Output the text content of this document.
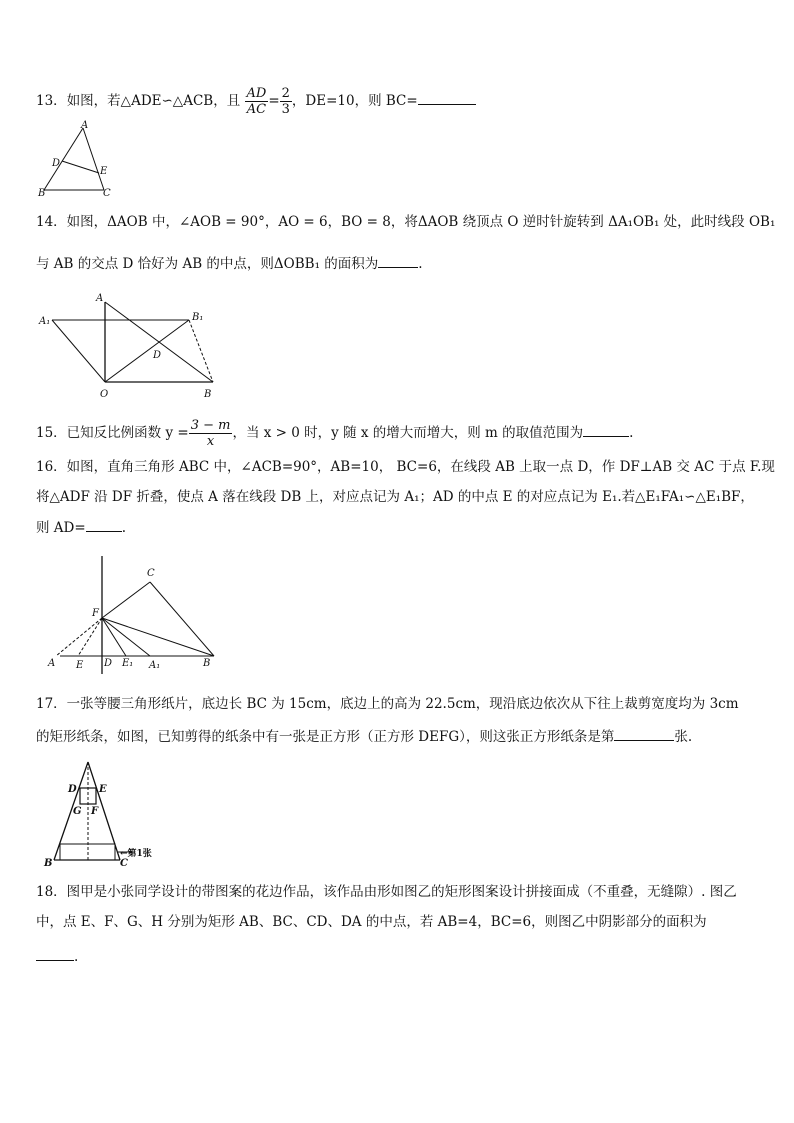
13．如图，若△ADE∽△ACB，且 $\frac{AD}{AC} = \frac{2}{3}$ ，DE=10，则 BC=
A
D
E
B	C
14．如图，ΔAOB 中，∠AOB = 90°，AO = 6，BO = 8，将ΔAOB 绕顶点 O 逆时针旋转到 ΔA₁OB₁ 处，此时线段 OB₁
与 AB 的交点 D 恰好为 AB 的中点，则ΔOBB₁ 的面积为	.
A
A₁	B₁
D
O	B
15．已知反比例函数 $y = \frac{3 - m}{x}$ ，当 x > 0 时，y 随 x 的增大而增大，则 m 的取值范围为	.
16．如图，直角三角形 ABC 中，∠ACB=90°，AB=10， BC=6，在线段 AB 上取一点 D，作 DF⊥AB 交 AC 于点 F.现
将△ADF 沿 DF 折叠，使点 A 落在线段 DB 上，对应点记为 A₁；AD 的中点 E 的对应点记为 E₁.若△E₁FA₁∽△E₁BF，
则 AD=	.
C
F
A E D E₁ A₁	B
17．一张等腰三角形纸片，底边长 BC 为 15cm，底边上的高为 22.5cm，现沿底边依次从下往上裁剪宽度均为 3cm
的矩形纸条，如图，已知剪得的纸条中有一张是正方形（正方形 DEFG），则这张正方形纸条是第	张.
D E
G F
B	C
←第1张
18．图甲是小张同学设计的带图案的花边作品，该作品由形如图乙的矩形图案设计拼接面成（不重叠，无缝隙）. 图乙
中，点 E、F、G、H 分别为矩形 AB、BC、CD、DA 的中点，若 AB=4，BC=6，则图乙中阴影部分的面积为
.
